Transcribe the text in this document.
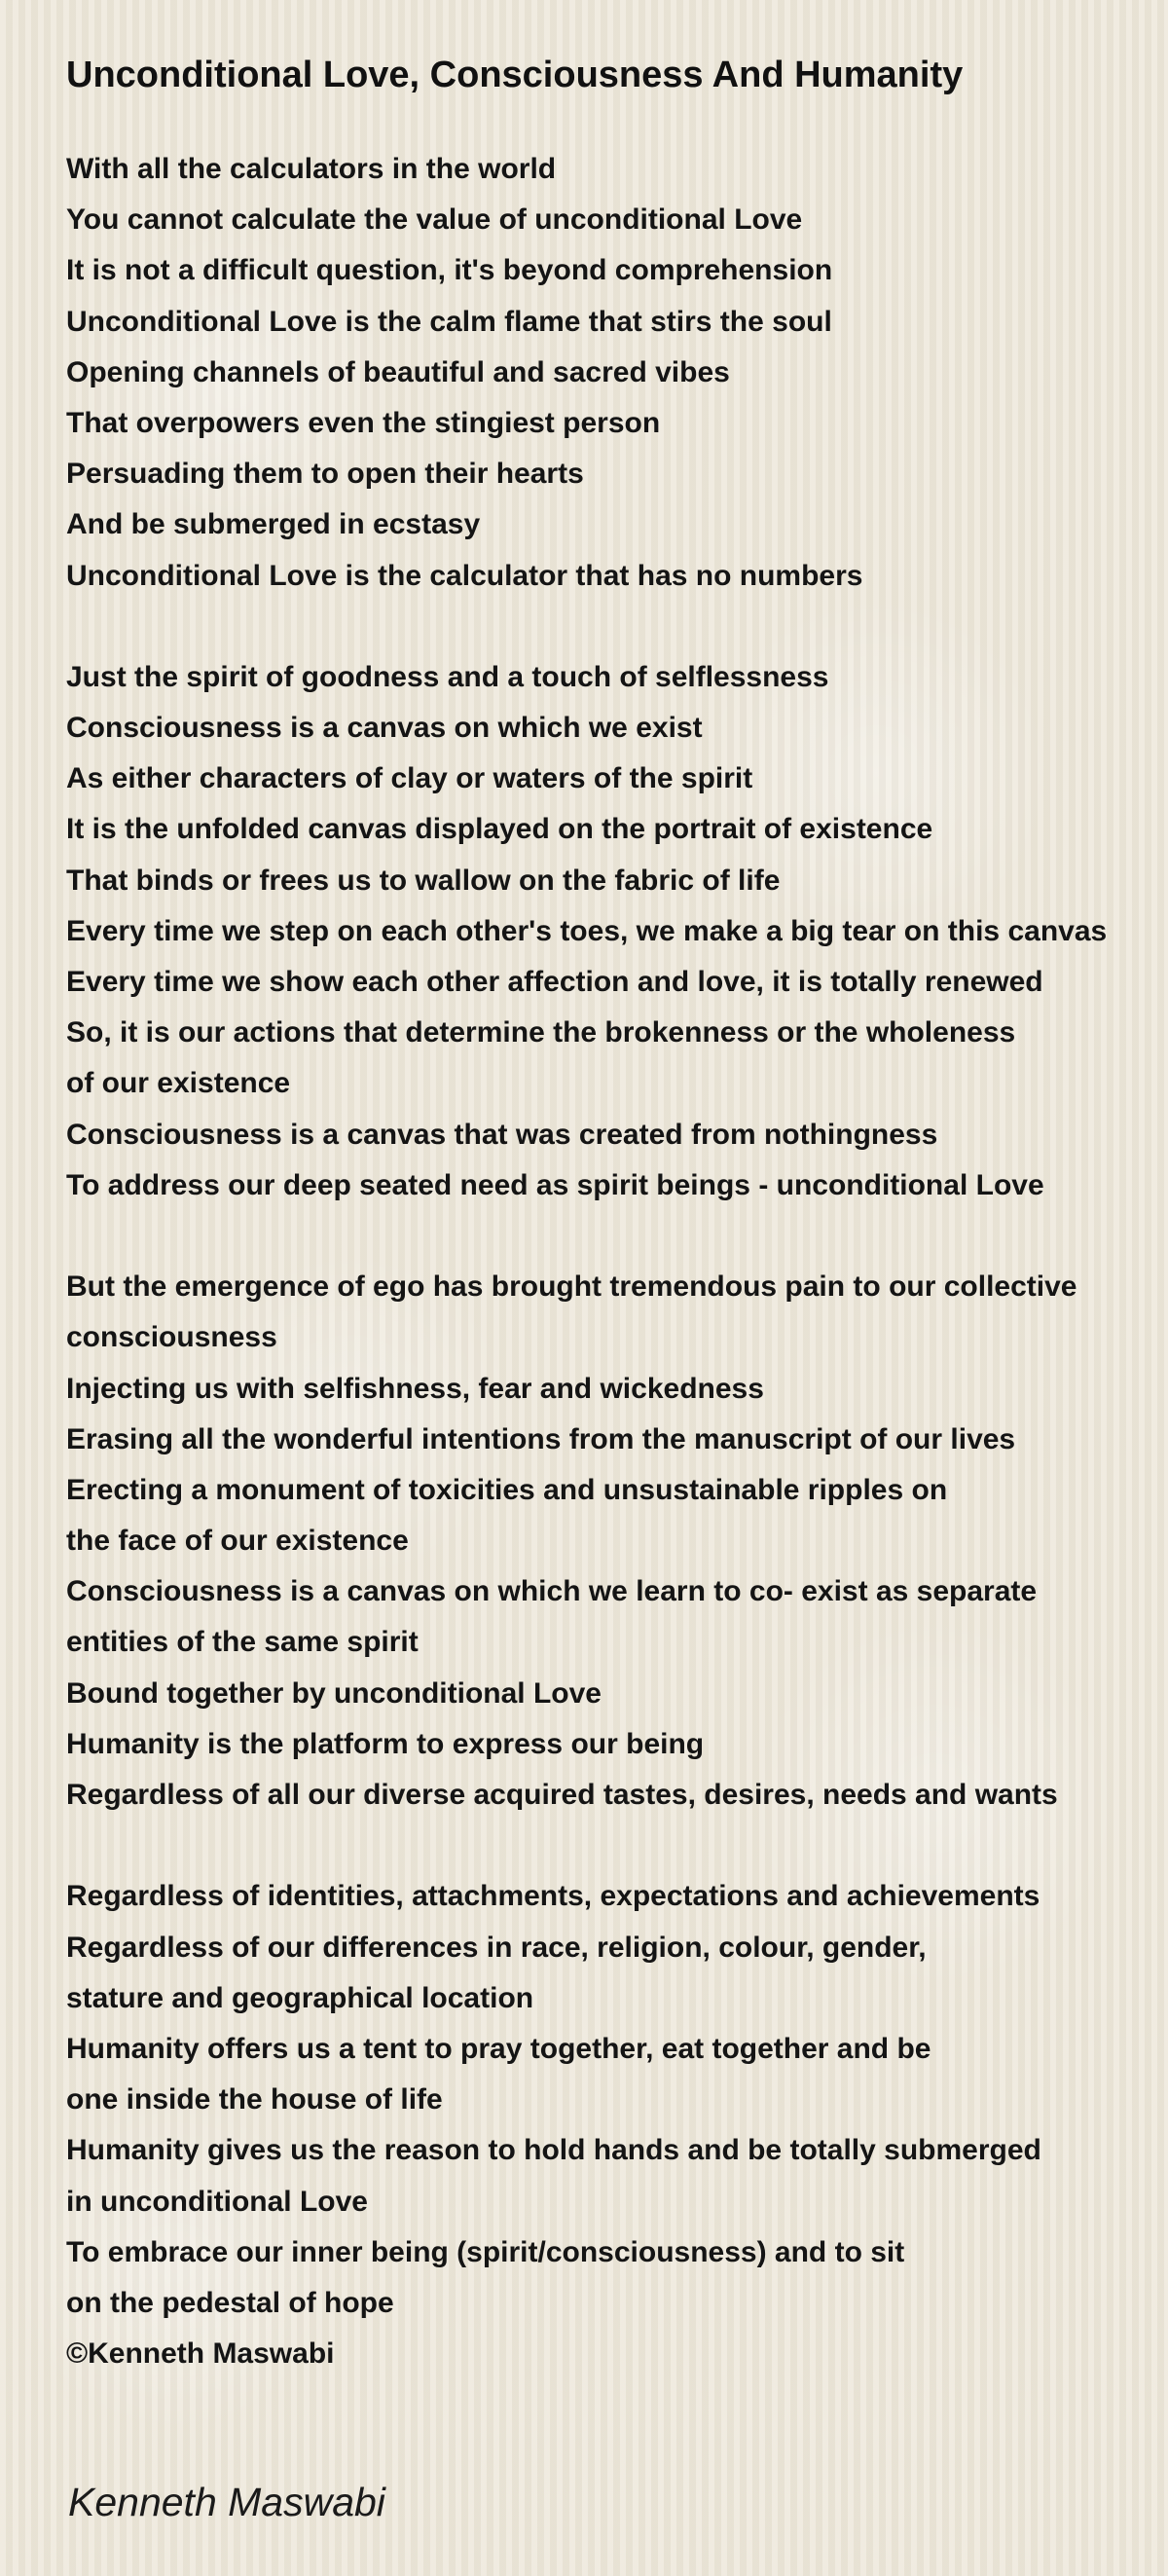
Unconditional Love, Consciousness And Humanity
With all the calculators in the world
You cannot calculate the value of unconditional Love
It is not a difficult question, it's beyond comprehension
Unconditional Love is the calm flame that stirs the soul
Opening channels of beautiful and sacred vibes
That overpowers even the stingiest person
Persuading them to open their hearts
And be submerged in ecstasy
Unconditional Love is the calculator that has no numbers
Just the spirit of goodness and a touch of selflessness
Consciousness is a canvas on which we exist
As either characters of clay or waters of the spirit
It is the unfolded canvas displayed on the portrait of existence
That binds or frees us to wallow on the fabric of life
Every time we step on each other's toes, we make a big tear on this canvas
Every time we show each other affection and love, it is totally renewed
So, it is our actions that determine the brokenness or the wholeness
of our existence
Consciousness is a canvas that was created from nothingness
To address our deep seated need as spirit beings - unconditional Love
But the emergence of ego has brought tremendous pain to our collective
consciousness
Injecting us with selfishness, fear and wickedness
Erasing all the wonderful intentions from the manuscript of our lives
Erecting a monument of toxicities and unsustainable ripples on
the face of our existence
Consciousness is a canvas on which we learn to co- exist as separate
entities of the same spirit
Bound together by unconditional Love
Humanity is the platform to express our being
Regardless of all our diverse acquired tastes, desires, needs and wants
Regardless of identities, attachments, expectations and achievements
Regardless of our differences in race, religion, colour, gender,
stature and geographical location
Humanity offers us a tent to pray together, eat together and be
one inside the house of life
Humanity gives us the reason to hold hands and be totally submerged
in unconditional Love
To embrace our inner being (spirit/consciousness) and to sit
on the pedestal of hope
©Kenneth Maswabi
Kenneth Maswabi
